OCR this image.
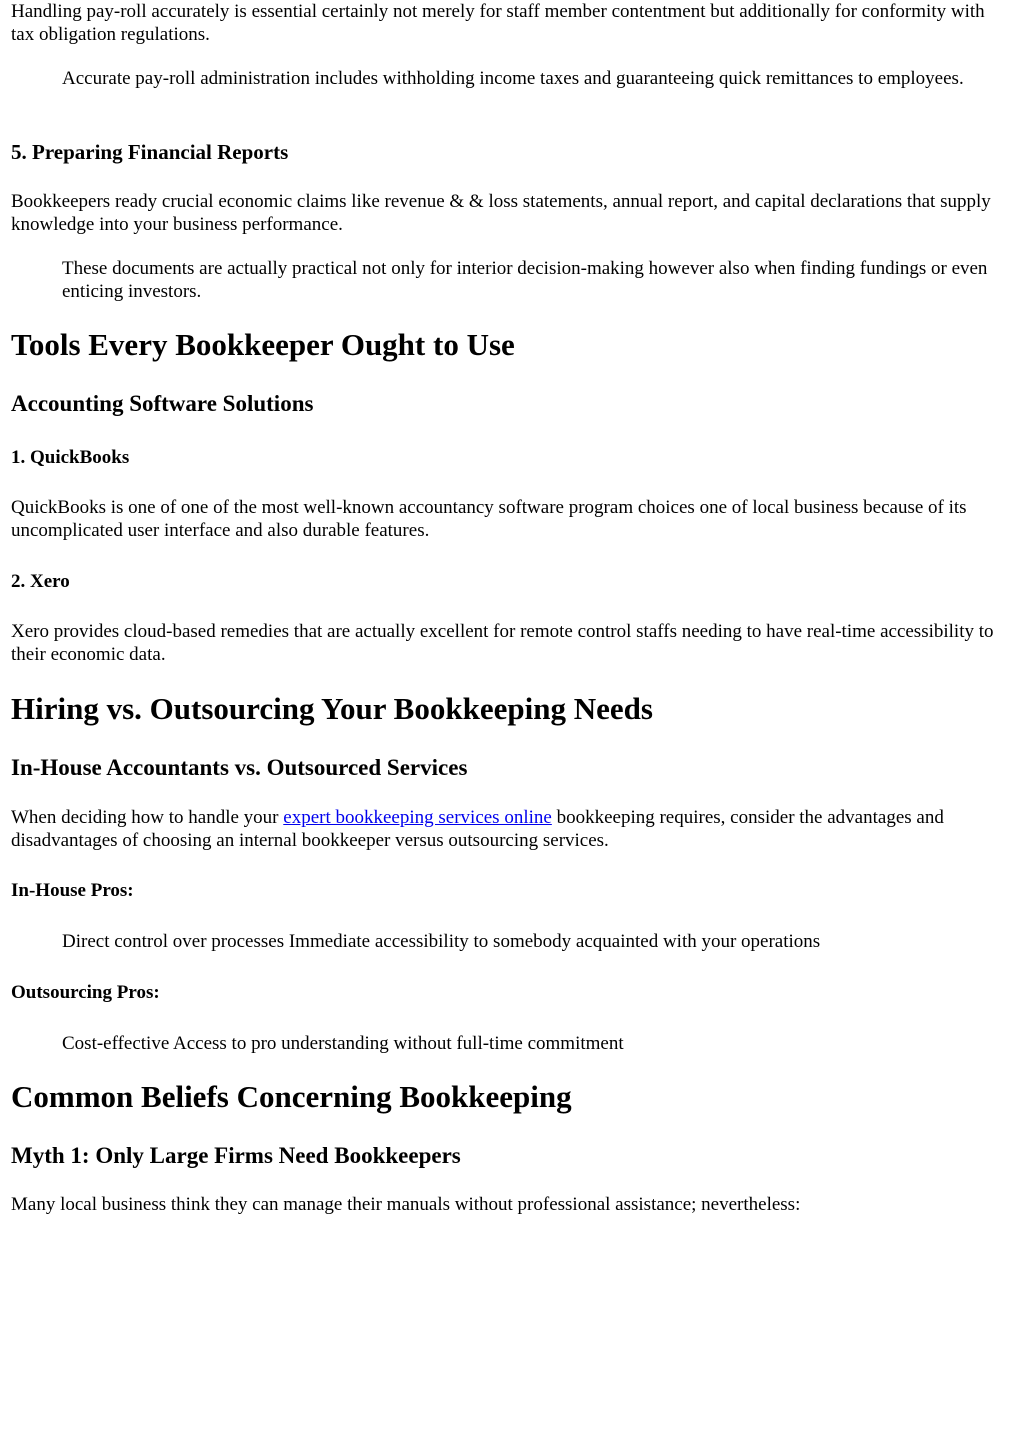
Handling pay-roll accurately is essential certainly not merely for staff member contentment but additionally for conformity with tax obligation regulations.

Accurate pay-roll administration includes withholding income taxes and guaranteeing quick remittances to employees.
5. Preparing Financial Reports

Bookkeepers ready crucial economic claims like revenue & & loss statements, annual report, and capital declarations that supply knowledge into your business performance.

These documents are actually practical not only for interior decision-making however also when finding fundings or even enticing investors.
Tools Every Bookkeeper Ought to Use
Accounting Software Solutions
1. QuickBooks

QuickBooks is one of one of the most well-known accountancy software program choices one of local business because of its uncomplicated user interface and also durable features.

2. Xero

Xero provides cloud-based remedies that are actually excellent for remote control staffs needing to have real-time accessibility to their economic data.

Hiring vs. Outsourcing Your Bookkeeping Needs
In-House Accountants vs. Outsourced Services

When deciding how to handle your expert bookkeeping services online bookkeeping requires, consider the advantages and disadvantages of choosing an internal bookkeeper versus outsourcing services.

In-House Pros:
Direct control over processes Immediate accessibility to somebody acquainted with your operations
Outsourcing Pros:
Cost-effective Access to pro understanding without full-time commitment
Common Beliefs Concerning Bookkeeping
Myth 1: Only Large Firms Need Bookkeepers

Many local business think they can manage their manuals without professional assistance; nevertheless:
